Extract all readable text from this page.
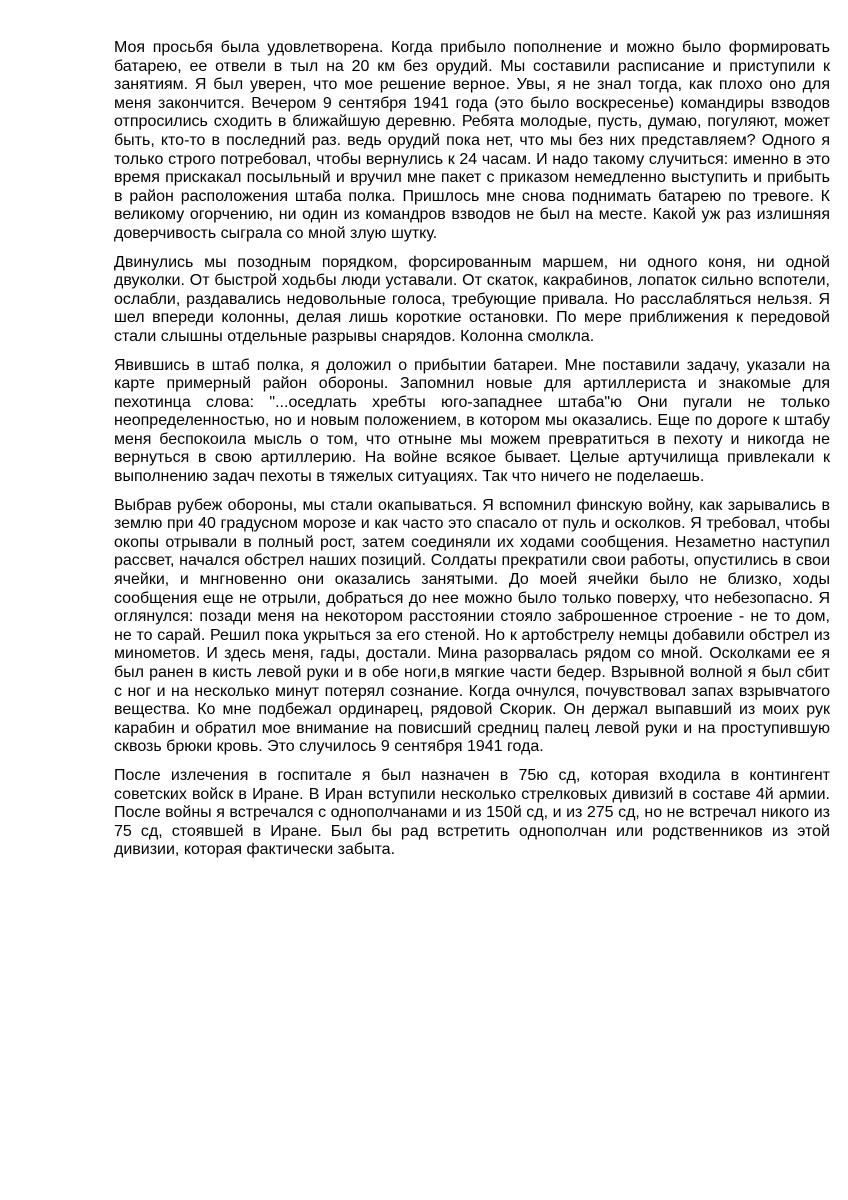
Моя просьбя была удовлетворена. Когда прибыло пополнение и можно было формировать батарею, ее отвели в тыл на 20 км без орудий. Мы составили расписание и приступили к занятиям. Я был уверен, что мое решение верное. Увы, я не знал тогда, как плохо оно для меня закончится. Вечером 9 сентября 1941 года (это было воскресенье) командиры взводов отпросились сходить в ближайшую деревню. Ребята молодые, пусть, думаю, погуляют, может быть, кто-то в последний раз. ведь орудий пока нет, что мы без них представляем? Одного я только строго потребовал, чтобы вернулись к 24 часам. И надо такому случиться: именно в это время прискакал посыльный и вручил мне пакет с приказом немедленно выступить и прибыть в район расположения штаба полка. Пришлось мне снова поднимать батарею по тревоге. К великому огорчению, ни один из командров взводов не был на месте. Какой уж раз излишняя доверчивость сыграла со мной злую шутку.

Двинулись мы позодным порядком, форсированным маршем, ни одного коня, ни одной двуколки. От быстрой ходьбы люди уставали. От скаток, какрабинов, лопаток сильно вспотели, ослабли, раздавались недовольные голоса, требующие привала. Но расслабляться нельзя. Я шел впереди колонны, делая лишь короткие остановки. По мере приближения к передовой стали слышны отдельные разрывы снарядов. Колонна смолкла.

Явившись в штаб полка, я доложил о прибытии батареи. Мне поставили задачу, указали на карте примерный район обороны. Запомнил новые для артиллериста и знакомые для пехотинца слова: "...оседлать хребты юго-западнее штаба"ю Они пугали не только неопределенностью, но и новым положением, в котором мы оказались. Еще по дороге к штабу меня беспокоила мысль о том, что отныне мы можем превратиться в пехоту и никогда не вернуться в свою артиллерию. На войне всякое бывает. Целые артучилища привлекали к выполнению задач пехоты в тяжелых ситуациях. Так что ничего не поделаешь.

Выбрав рубеж обороны, мы стали окапываться. Я вспомнил финскую войну, как зарывались в землю при 40 градусном морозе и как часто это спасало от пуль и осколков. Я требовал, чтобы окопы отрывали в полный рост, затем соединяли их ходами сообщения. Незаметно наступил рассвет, начался обстрел наших позиций. Солдаты прекратили свои работы, опустились в свои ячейки, и мнгновенно они оказались занятыми. До моей ячейки было не близко, ходы сообщения еще не отрыли, добраться до нее можно было только поверху, что небезопасно. Я оглянулся: позади меня на некотором расстоянии стояло заброшенное строение - не то дом, не то сарай. Решил пока укрыться за его стеной. Но к артобстрелу немцы добавили обстрел из минометов. И здесь меня, гады, достали. Мина разорвалась рядом со мной. Осколками ее я был ранен в кисть левой руки и в обе ноги,в мягкие части бедер. Взрывной волной я был сбит с ног и на несколько минут потерял сознание. Когда очнулся, почувствовал запах взрывчатого вещества. Ко мне подбежал ординарец, рядовой Скорик. Он держал выпавший из моих рук карабин и обратил мое внимание на повисший средниц палец левой руки и на проступившую сквозь брюки кровь. Это случилось 9 сентября 1941 года.

После излечения в госпитале я был назначен в 75ю сд, которая входила в контингент советских войск в Иране. В Иран вступили несколько стрелковых дивизий в составе 4й армии. После войны я встречался с однополчанами и из 150й сд, и из 275 сд, но не встречал никого из 75 сд, стоявшей в Иране. Был бы рад встретить однополчан или родственников из этой дивизии, которая фактически забыта.
